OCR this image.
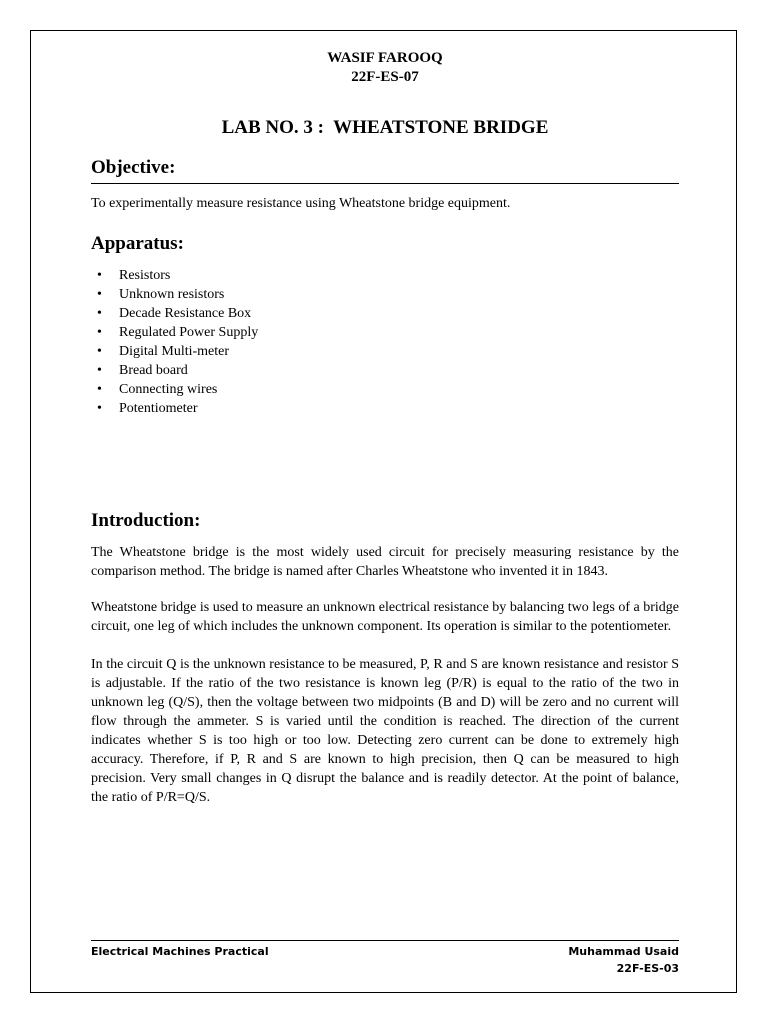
WASIF FAROOQ
22F-ES-07
LAB NO. 3 :  WHEATSTONE BRIDGE
Objective:

To experimentally measure resistance using Wheatstone bridge equipment.

Apparatus:
• Resistors
• Unknown resistors
• Decade Resistance Box
• Regulated Power Supply
• Digital Multi-meter
• Bread board
• Connecting wires
• Potentiometer
Introduction:

The Wheatstone bridge is the most widely used circuit for precisely measuring resistance by the comparison method. The bridge is named after Charles Wheatstone who invented it in 1843.

Wheatstone bridge is used to measure an unknown electrical resistance by balancing two legs of a bridge circuit, one leg of which includes the unknown component. Its operation is similar to the potentiometer.

In the circuit Q is the unknown resistance to be measured, P, R and S are known resistance and resistor S is adjustable. If the ratio of the two resistance is known leg (P/R) is equal to the ratio of the two in unknown leg (Q/S), then the voltage between two midpoints (B and D) will be zero and no current will flow through the ammeter. S is varied until the condition is reached. The direction of the current indicates whether S is too high or too low. Detecting zero current can be done to extremely high accuracy. Therefore, if P, R and S are known to high precision, then Q can be measured to high precision. Very small changes in Q disrupt the balance and is readily detector. At the point of balance, the ratio of P/R=Q/S.

Electrical Machines Practical	Muhammad Usaid
22F-ES-03
